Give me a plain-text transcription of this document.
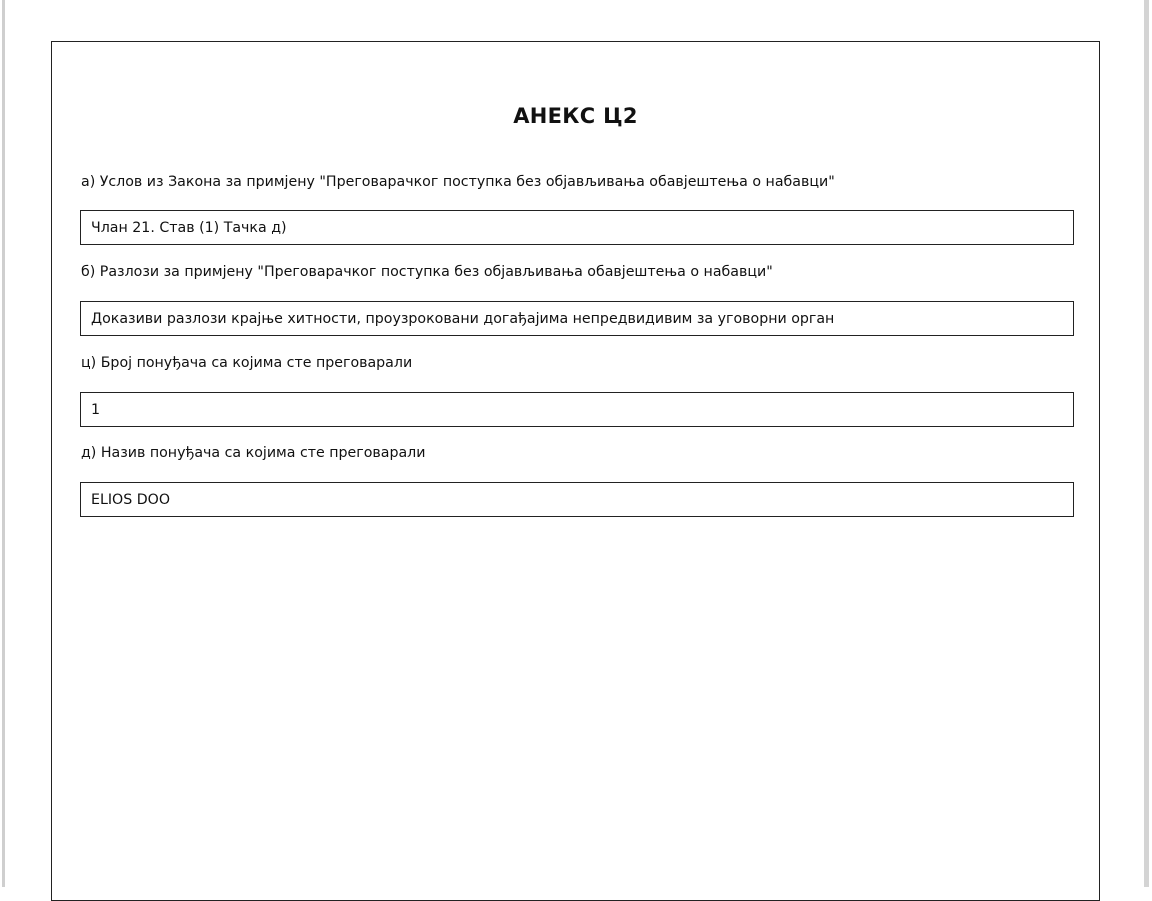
АНЕКС Ц2

а) Услов из Закона за примјену "Преговарачког поступка без објављивања обавјештења о набавци"

Члан 21. Став (1) Тачка д)

б) Разлози за примјену "Преговарачког поступка без објављивања обавјештења о набавци"

Доказиви разлози крајње хитности, проузроковани догађајима непредвидивим за уговорни орган

ц) Број понуђача са којима сте преговарали

1

д) Назив понуђача са којима сте преговарали

ELIOS DOO
